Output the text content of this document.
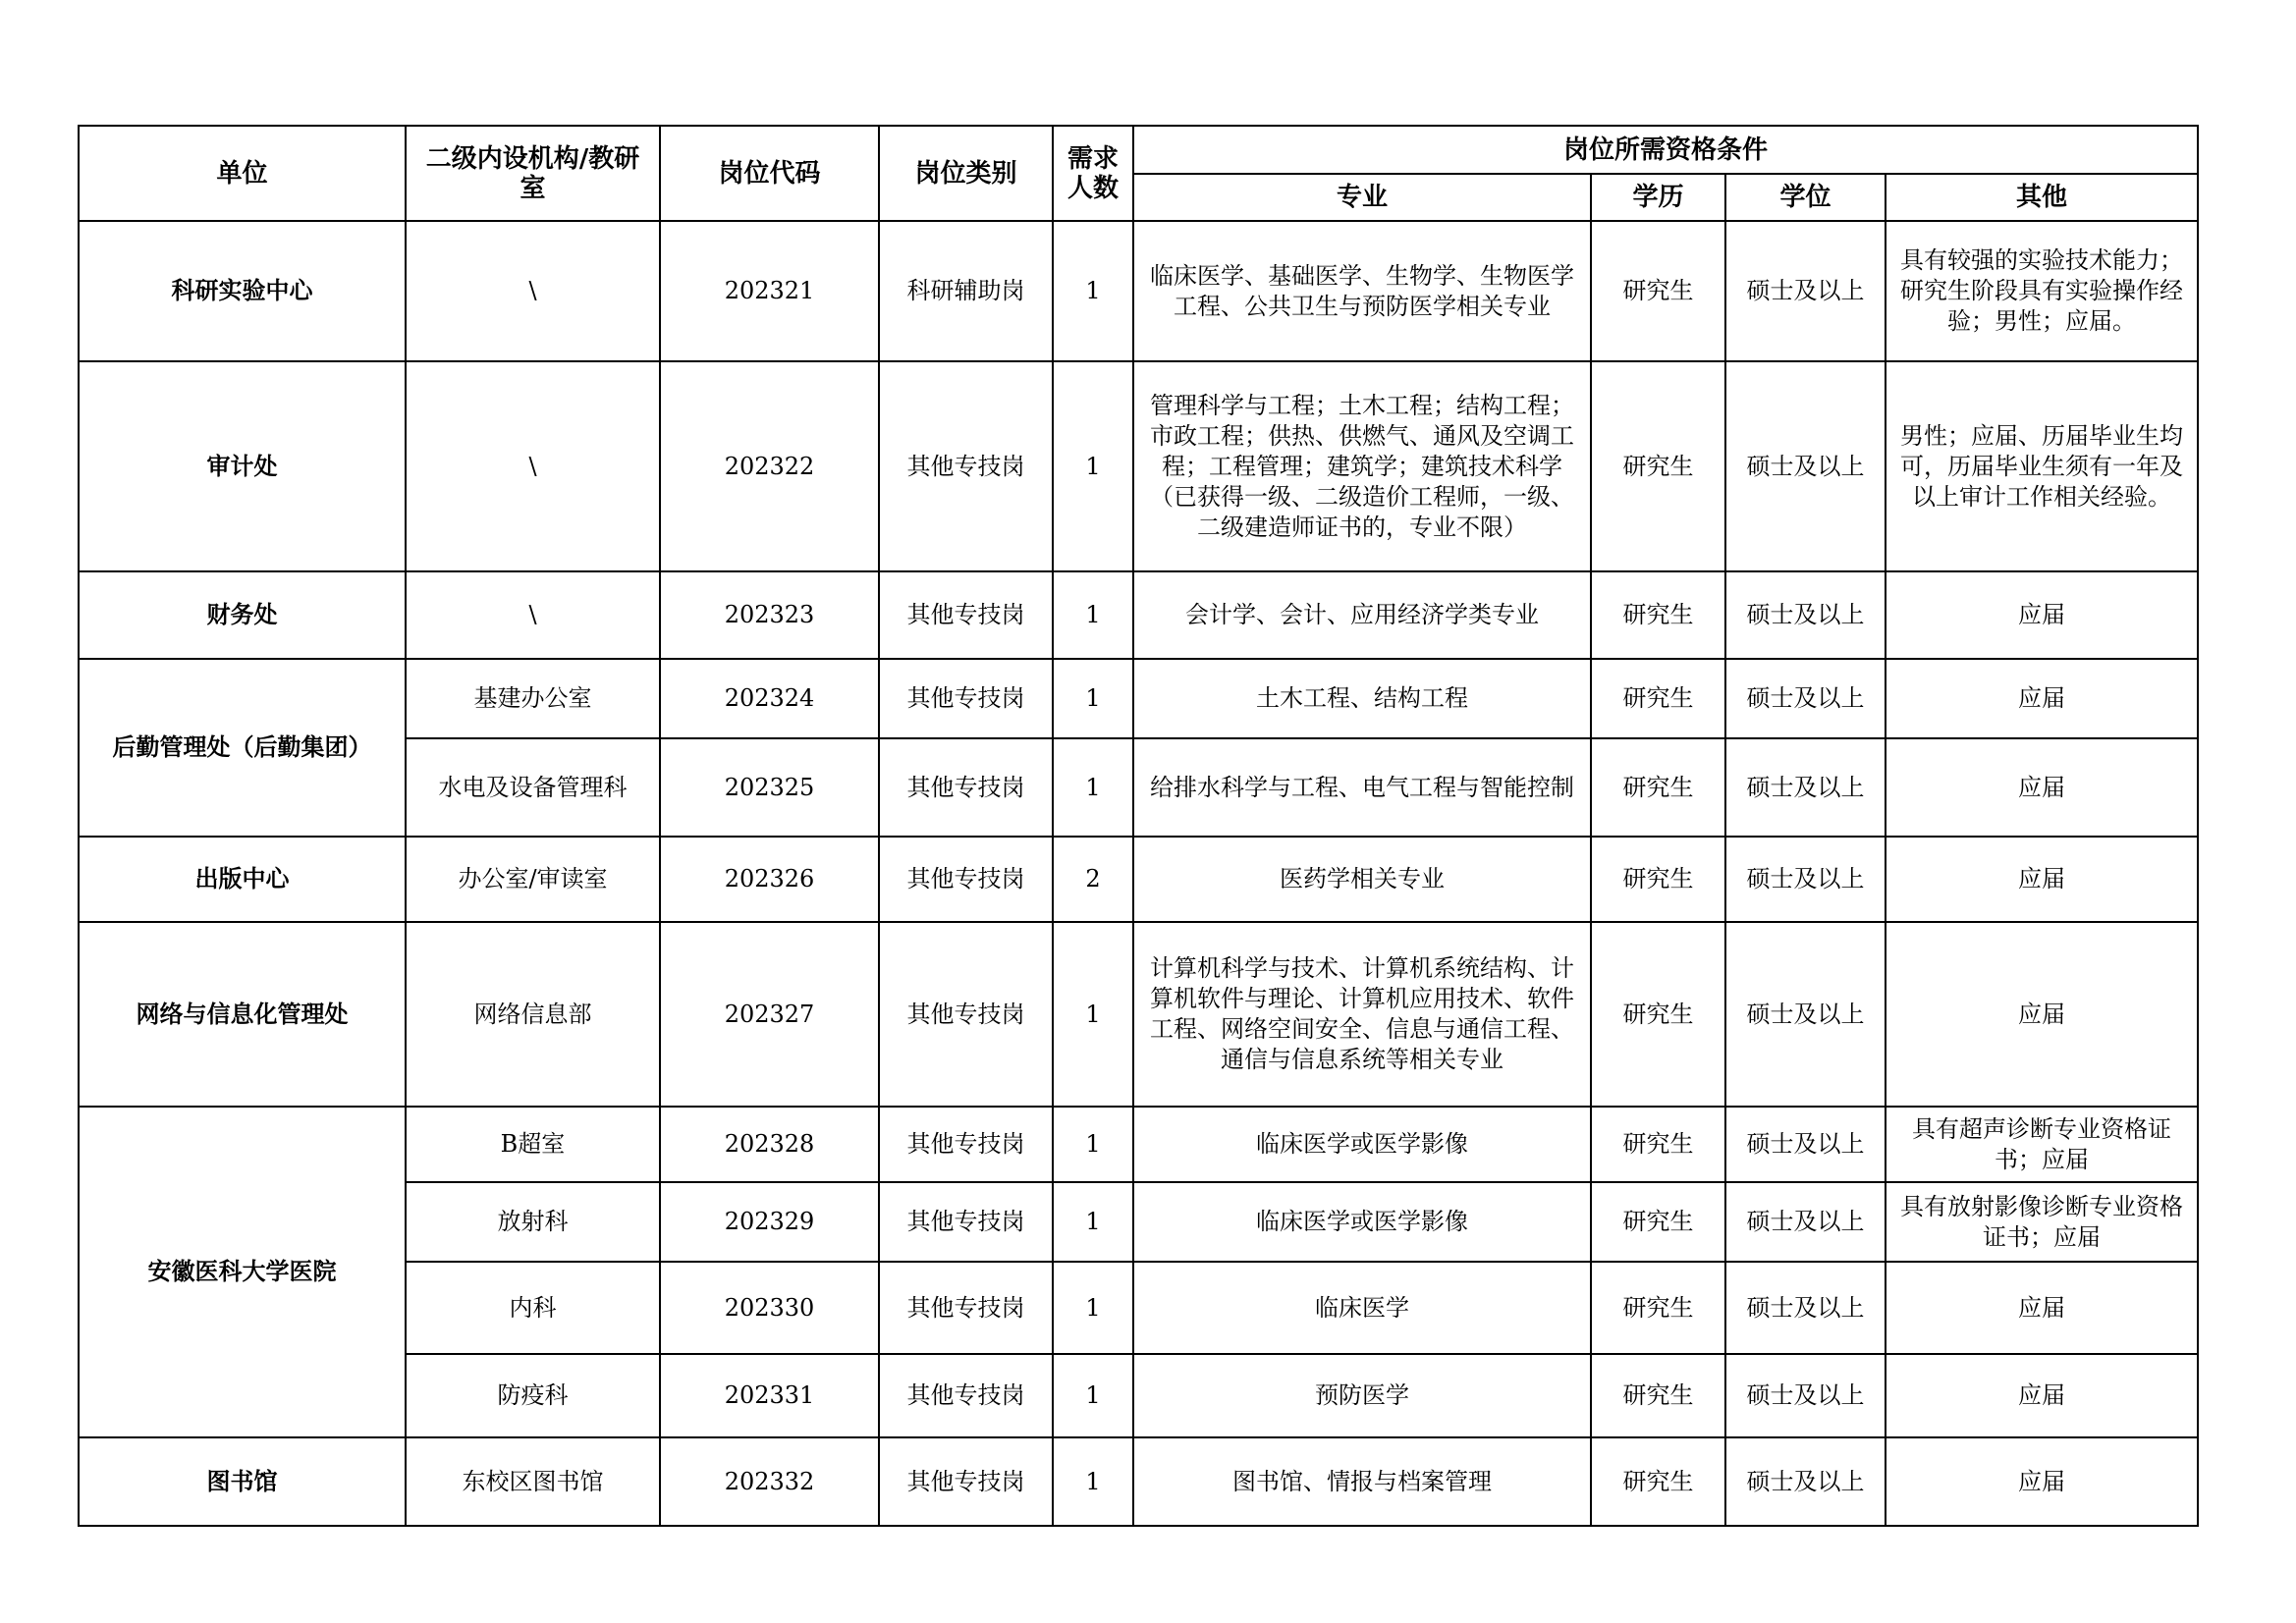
单位	二级内设机构/教研室	岗位代码	岗位类别	需求人数	岗位所需资格条件			
					专业	学历	学位	其他
科研实验中心	\	202321	科研辅助岗	1	临床医学、基础医学、生物学、生物医学工程、公共卫生与预防医学相关专业	研究生	硕士及以上	具有较强的实验技术能力；研究生阶段具有实验操作经验；男性；应届。
审计处	\	202322	其他专技岗	1	管理科学与工程；土木工程；结构工程；市政工程；供热、供燃气、通风及空调工程；工程管理；建筑学；建筑技术科学（已获得一级、二级造价工程师，一级、二级建造师证书的，专业不限）	研究生	硕士及以上	男性；应届、历届毕业生均可，历届毕业生须有一年及以上审计工作相关经验。
财务处	\	202323	其他专技岗	1	会计学、会计、应用经济学类专业	研究生	硕士及以上	应届
后勤管理处（后勤集团）	基建办公室	202324	其他专技岗	1	土木工程、结构工程	研究生	硕士及以上	应届
	水电及设备管理科	202325	其他专技岗	1	给排水科学与工程、电气工程与智能控制	研究生	硕士及以上	应届
出版中心	办公室/审读室	202326	其他专技岗	2	医药学相关专业	研究生	硕士及以上	应届
网络与信息化管理处	网络信息部	202327	其他专技岗	1	计算机科学与技术、计算机系统结构、计算机软件与理论、计算机应用技术、软件工程、网络空间安全、信息与通信工程、通信与信息系统等相关专业	研究生	硕士及以上	应届
安徽医科大学医院	B超室	202328	其他专技岗	1	临床医学或医学影像	研究生	硕士及以上	具有超声诊断专业资格证书；应届
	放射科	202329	其他专技岗	1	临床医学或医学影像	研究生	硕士及以上	具有放射影像诊断专业资格证书；应届
	内科	202330	其他专技岗	1	临床医学	研究生	硕士及以上	应届
	防疫科	202331	其他专技岗	1	预防医学	研究生	硕士及以上	应届
图书馆	东校区图书馆	202332	其他专技岗	1	图书馆、情报与档案管理	研究生	硕士及以上	应届
